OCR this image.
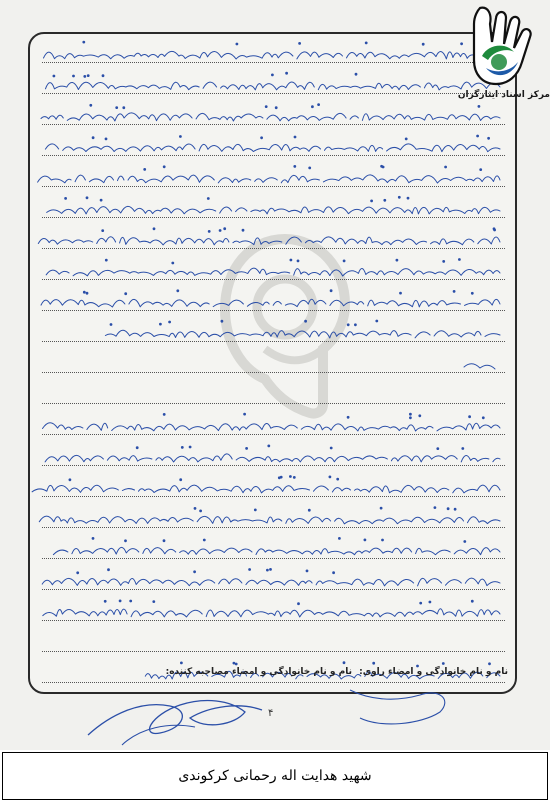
مرکز اسناد ایثارگران
نام و نام خانوادگی و امضاء راوی:
نام و نام خانوادگی و امضاء مصاحبه کننده:
۴
شهید هدایت اله رحمانی کرکوندی
